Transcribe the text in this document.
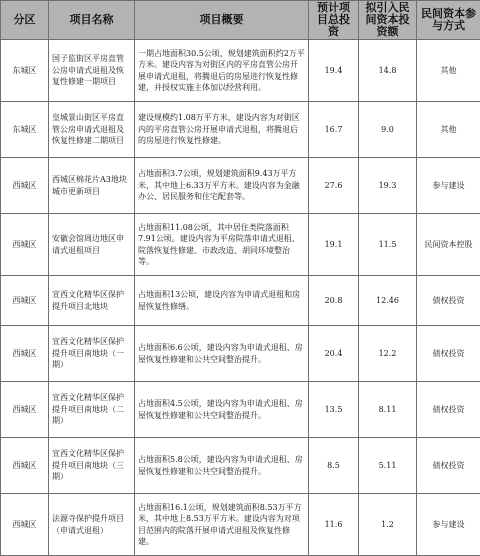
分区	项目名称	项目概要	预计项目总投资	拟引入民间资本投资额	民间资本参与方式
东城区	国子监街区平房直管公房申请式退租及恢复性修建一期项目	一期占地面积30.5公顷，规划建筑面积约2万平方米。建设内容为对街区内的平房直管公房开展申请式退租，将腾退后的房屋进行恢复性修建，并授权实施主体加以经营利用。	19.4	14.8	其他
东城区	皇城景山街区平房直管公房申请式退租及恢复性修建二期项目	建设规模约1.08万平方米，建设内容为对街区内的平房直管公房开展申请式退租，将腾退后的房屋进行恢复性修建。	16.7	9.0	其他
西城区	西城区棉花片A3地块城市更新项目	占地面积3.7公顷，规划建筑面积9.43万平方米，其中地上6.33万平方米。建设内容为金融办公、居民服务和住宅配套等。	27.6	19.3	参与建设
西城区	安徽会馆周边地区申请式退租项目	占地面积11.08公顷，其中居住类院落面积7.91公顷。建设内容为平房院落申请式退租、院落恢复性修建、市政改造、胡同环境整治等。	19.1	11.5	民间资本控股
西城区	宣西文化精华区保护提升项目北地块	占地面积13公顷，建设内容为申请式退租和房屋恢复性修缮。	20.8	12.46	债权投资
西城区	宣西文化精华区保护提升项目南地块（一期）	占地面积6.6公顷，建设内容为申请式退租、房屋恢复性修建和公共空间整治提升。	20.4	12.2	债权投资
西城区	宣西文化精华区保护提升项目南地块（二期）	占地面积4.5公顷，建设内容为申请式退租、房屋恢复性修建和公共空间整治提升。	13.5	8.11	债权投资
西城区	宣西文化精华区保护提升项目南地块（三期）	占地面积5.8公顷，建设内容为申请式退租、房屋恢复性修建和公共空间整治提升。	8.5	5.11	债权投资
西城区	法源寺保护提升项目（申请式退租）	占地面积16.1公顷，规划建筑面积8.53万平方米，其中地上8.53万平方米。建设内容为对项目范围内的院落开展申请式退租及恢复性修建。	11.6	1.2	参与建设
